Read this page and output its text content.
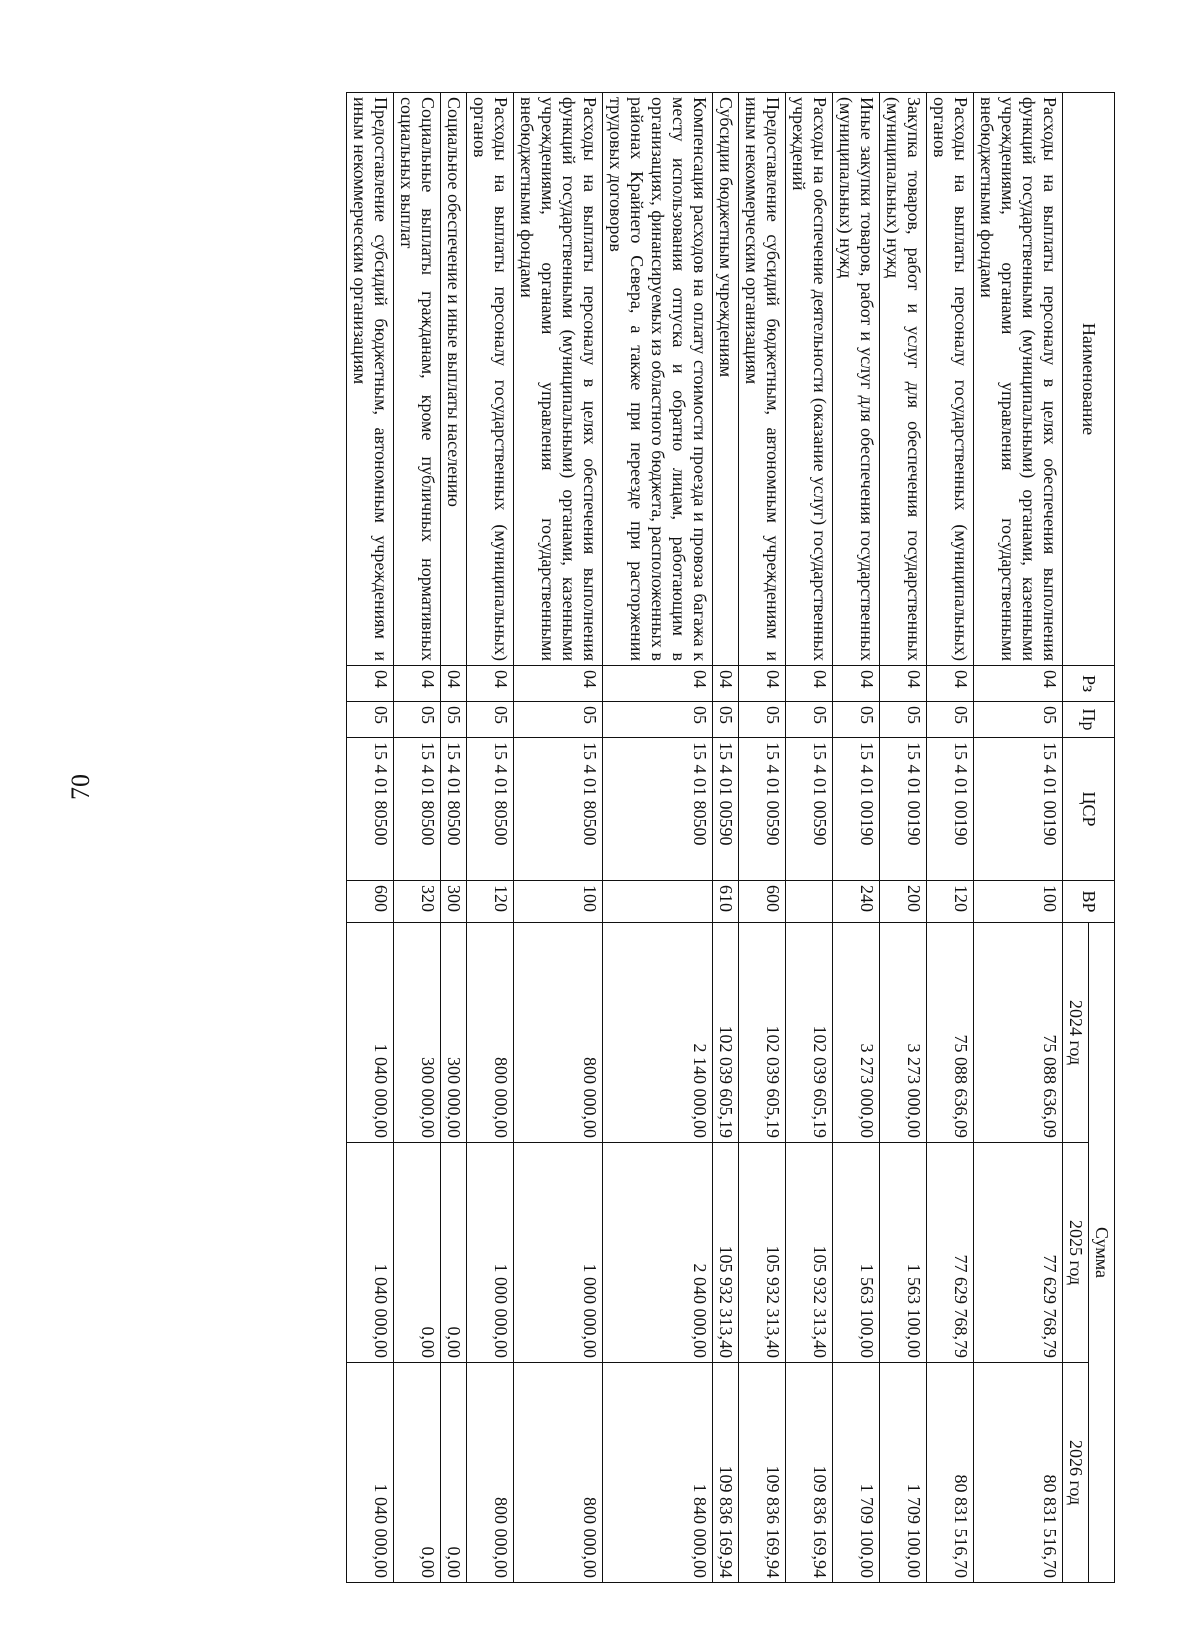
70
Наименование	Рз	Пр	ЦСР	ВР	Сумма		
					2024 год	2025 год	2026 год
Расходы на выплаты персоналу в целях обеспечения выполнения функций государственными (муниципальными) органами, казенными учреждениями, органами управления государственными внебюджетными фондами	04	05	15 4 01 00190	100	75 088 636,09	77 629 768,79	80 831 516,70
Расходы на выплаты персоналу государственных (муниципальных) органов	04	05	15 4 01 00190	120	75 088 636,09	77 629 768,79	80 831 516,70
Закупка товаров, работ и услуг для обеспечения государственных (муниципальных) нужд	04	05	15 4 01 00190	200	3 273 000,00	1 563 100,00	1 709 100,00
Иные закупки товаров, работ и услуг для обеспечения государственных (муниципальных) нужд	04	05	15 4 01 00190	240	3 273 000,00	1 563 100,00	1 709 100,00
Расходы на обеспечение деятельности (оказание услуг) государственных учреждений	04	05	15 4 01 00590		102 039 605,19	105 932 313,40	109 836 169,94
Предоставление субсидий бюджетным, автономным учреждениям и иным некоммерческим организациям	04	05	15 4 01 00590	600	102 039 605,19	105 932 313,40	109 836 169,94
Субсидии бюджетным учреждениям	04	05	15 4 01 00590	610	102 039 605,19	105 932 313,40	109 836 169,94
Компенсация расходов на оплату стоимости проезда и провоза багажа к месту использования отпуска и обратно лицам, работающим в организациях, финансируемых из областного бюджета, расположенных в районах Крайнего Севера, а также при переезде при расторжении трудовых договоров	04	05	15 4 01 80500		2 140 000,00	2 040 000,00	1 840 000,00
Расходы на выплаты персоналу в целях обеспечения выполнения функций государственными (муниципальными) органами, казенными учреждениями, органами управления государственными внебюджетными фондами	04	05	15 4 01 80500	100	800 000,00	1 000 000,00	800 000,00
Расходы на выплаты персоналу государственных (муниципальных) органов	04	05	15 4 01 80500	120	800 000,00	1 000 000,00	800 000,00
Социальное обеспечение и иные выплаты населению	04	05	15 4 01 80500	300	300 000,00	0,00	0,00
Социальные выплаты гражданам, кроме публичных нормативных социальных выплат	04	05	15 4 01 80500	320	300 000,00	0,00	0,00
Предоставление субсидий бюджетным, автономным учреждениям и иным некоммерческим организациям	04	05	15 4 01 80500	600	1 040 000,00	1 040 000,00	1 040 000,00
